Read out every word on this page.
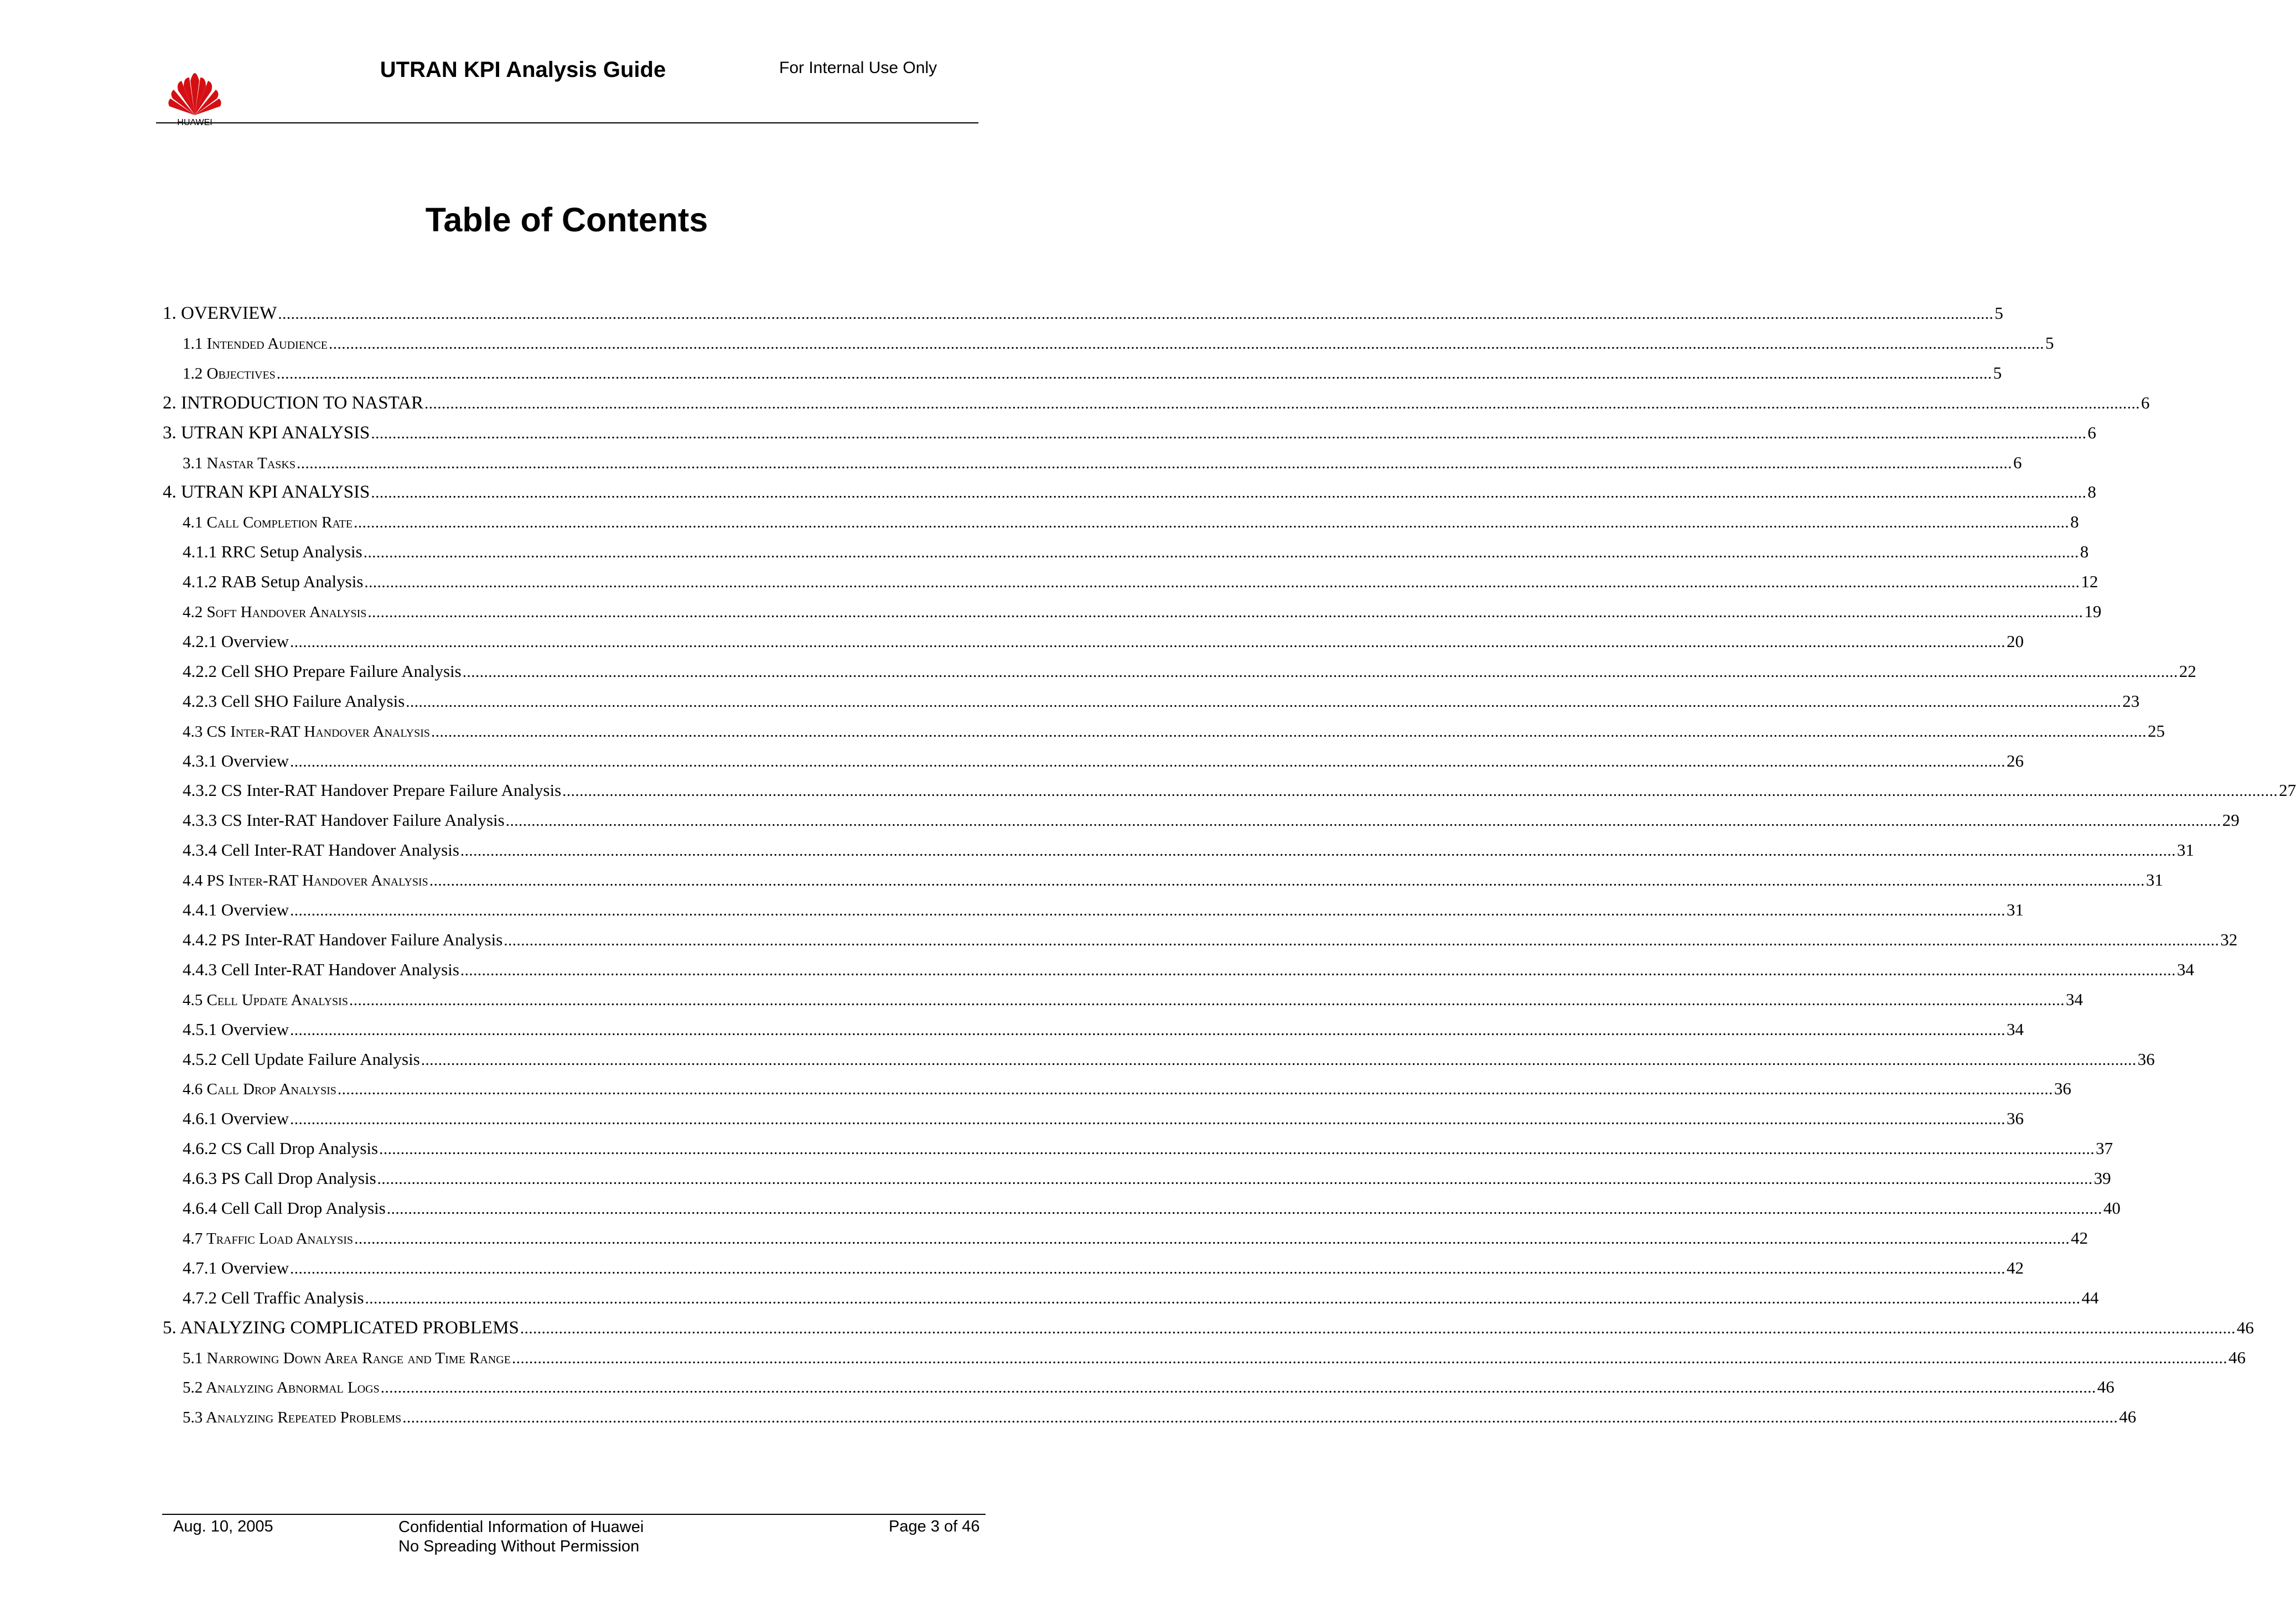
HUAWEI
UTRAN KPI Analysis Guide	For Internal Use Only
Table of Contents
1. OVERVIEW ................................................................................................................................................................................................................................................................................................................................................................................................................ 5
1.1 Intended Audience ................................................................................................................................................................................................................................................................................................................................................................................................................ 5
1.2 Objectives ................................................................................................................................................................................................................................................................................................................................................................................................................ 5
2. INTRODUCTION TO NASTAR ................................................................................................................................................................................................................................................................................................................................................................................................................ 6
3. UTRAN KPI ANALYSIS ................................................................................................................................................................................................................................................................................................................................................................................................................ 6
3.1 Nastar Tasks ................................................................................................................................................................................................................................................................................................................................................................................................................ 6
4. UTRAN KPI ANALYSIS ................................................................................................................................................................................................................................................................................................................................................................................................................ 8
4.1 Call Completion Rate ................................................................................................................................................................................................................................................................................................................................................................................................................ 8
4.1.1 RRC Setup Analysis ................................................................................................................................................................................................................................................................................................................................................................................................................ 8
4.1.2 RAB Setup Analysis ................................................................................................................................................................................................................................................................................................................................................................................................................ 12
4.2 Soft Handover Analysis ................................................................................................................................................................................................................................................................................................................................................................................................................ 19
4.2.1 Overview ................................................................................................................................................................................................................................................................................................................................................................................................................ 20
4.2.2 Cell SHO Prepare Failure Analysis ................................................................................................................................................................................................................................................................................................................................................................................................................ 22
4.2.3 Cell SHO Failure Analysis ................................................................................................................................................................................................................................................................................................................................................................................................................ 23
4.3 CS Inter-RAT Handover Analysis ................................................................................................................................................................................................................................................................................................................................................................................................................ 25
4.3.1 Overview ................................................................................................................................................................................................................................................................................................................................................................................................................ 26
4.3.2 CS Inter-RAT Handover Prepare Failure Analysis ................................................................................................................................................................................................................................................................................................................................................................................................................ 27
4.3.3 CS Inter-RAT Handover Failure Analysis ................................................................................................................................................................................................................................................................................................................................................................................................................ 29
4.3.4 Cell Inter-RAT Handover Analysis ................................................................................................................................................................................................................................................................................................................................................................................................................ 31
4.4 PS Inter-RAT Handover Analysis ................................................................................................................................................................................................................................................................................................................................................................................................................ 31
4.4.1 Overview ................................................................................................................................................................................................................................................................................................................................................................................................................ 31
4.4.2 PS Inter-RAT Handover Failure Analysis ................................................................................................................................................................................................................................................................................................................................................................................................................ 32
4.4.3 Cell Inter-RAT Handover Analysis ................................................................................................................................................................................................................................................................................................................................................................................................................ 34
4.5 Cell Update Analysis ................................................................................................................................................................................................................................................................................................................................................................................................................ 34
4.5.1 Overview ................................................................................................................................................................................................................................................................................................................................................................................................................ 34
4.5.2 Cell Update Failure Analysis ................................................................................................................................................................................................................................................................................................................................................................................................................ 36
4.6 Call Drop Analysis ................................................................................................................................................................................................................................................................................................................................................................................................................ 36
4.6.1 Overview ................................................................................................................................................................................................................................................................................................................................................................................................................ 36
4.6.2 CS Call Drop Analysis ................................................................................................................................................................................................................................................................................................................................................................................................................ 37
4.6.3 PS Call Drop Analysis ................................................................................................................................................................................................................................................................................................................................................................................................................ 39
4.6.4 Cell Call Drop Analysis ................................................................................................................................................................................................................................................................................................................................................................................................................ 40
4.7 Traffic Load Analysis ................................................................................................................................................................................................................................................................................................................................................................................................................ 42
4.7.1 Overview ................................................................................................................................................................................................................................................................................................................................................................................................................ 42
4.7.2 Cell Traffic Analysis ................................................................................................................................................................................................................................................................................................................................................................................................................ 44
5. ANALYZING COMPLICATED PROBLEMS ................................................................................................................................................................................................................................................................................................................................................................................................................ 46
5.1 Narrowing Down Area Range and Time Range ................................................................................................................................................................................................................................................................................................................................................................................................................ 46
5.2 Analyzing Abnormal Logs ................................................................................................................................................................................................................................................................................................................................................................................................................ 46
5.3 Analyzing Repeated Problems ................................................................................................................................................................................................................................................................................................................................................................................................................ 46
Aug. 10, 2005	Confidential Information of Huawei
No Spreading Without Permission
Page 3 of 46
